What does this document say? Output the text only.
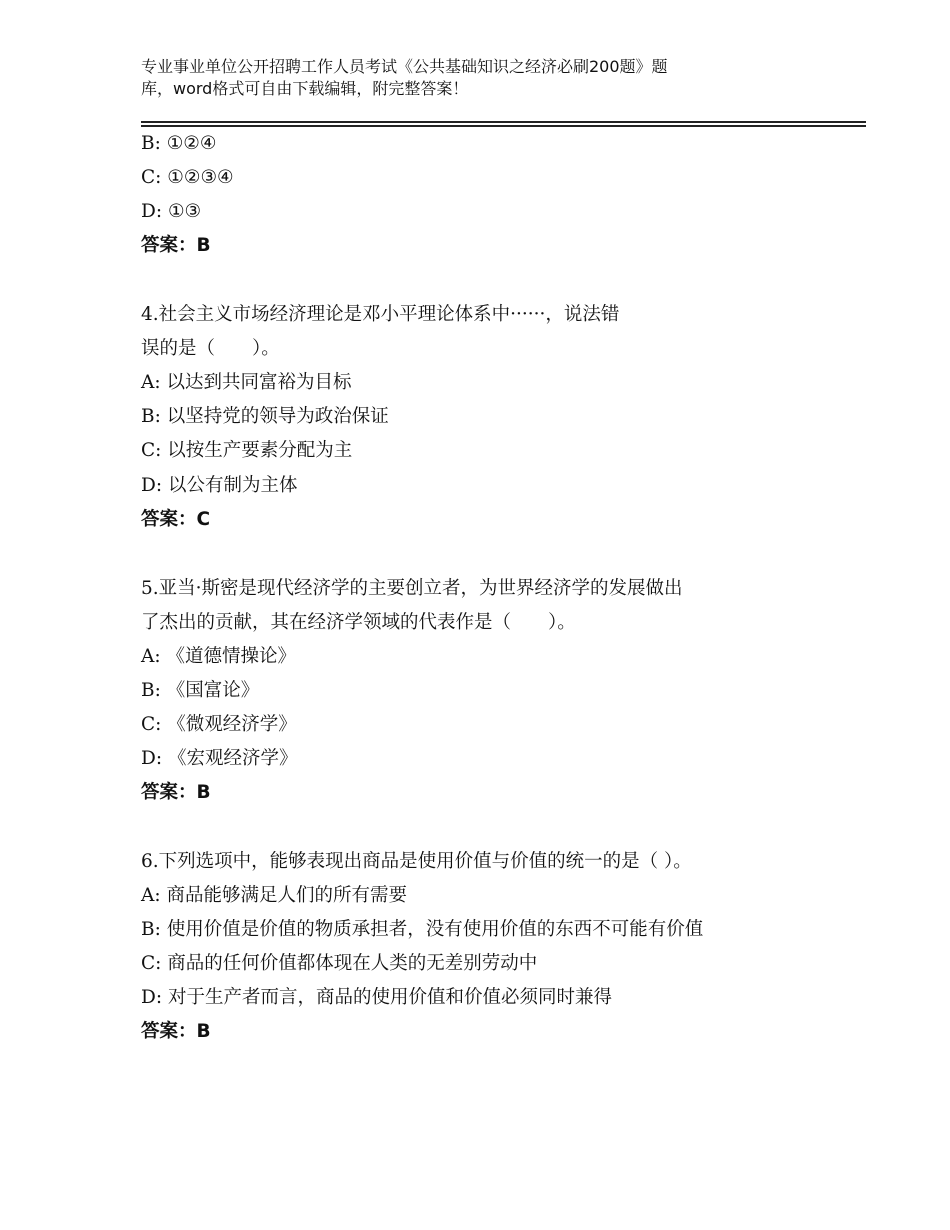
专业事业单位公开招聘工作人员考试《公共基础知识之经济必刷200题》题
库，word格式可自由下载编辑，附完整答案！
B: ①②④
C: ①②③④
D: ①③
答案：B
4.社会主义市场经济理论是邓小平理论体系中······，说法错
误的是（　　）。
A: 以达到共同富裕为目标
B: 以坚持党的领导为政治保证
C: 以按生产要素分配为主
D: 以公有制为主体
答案：C
5.亚当·斯密是现代经济学的主要创立者，为世界经济学的发展做出
了杰出的贡献，其在经济学领域的代表作是（　　）。
A: 《道德情操论》
B: 《国富论》
C: 《微观经济学》
D: 《宏观经济学》
答案：B
6.下列选项中，能够表现出商品是使用价值与价值的统一的是（ ）。
A: 商品能够满足人们的所有需要
B: 使用价值是价值的物质承担者，没有使用价值的东西不可能有价值
C: 商品的任何价值都体现在人类的无差别劳动中
D: 对于生产者而言，商品的使用价值和价值必须同时兼得
答案：B
